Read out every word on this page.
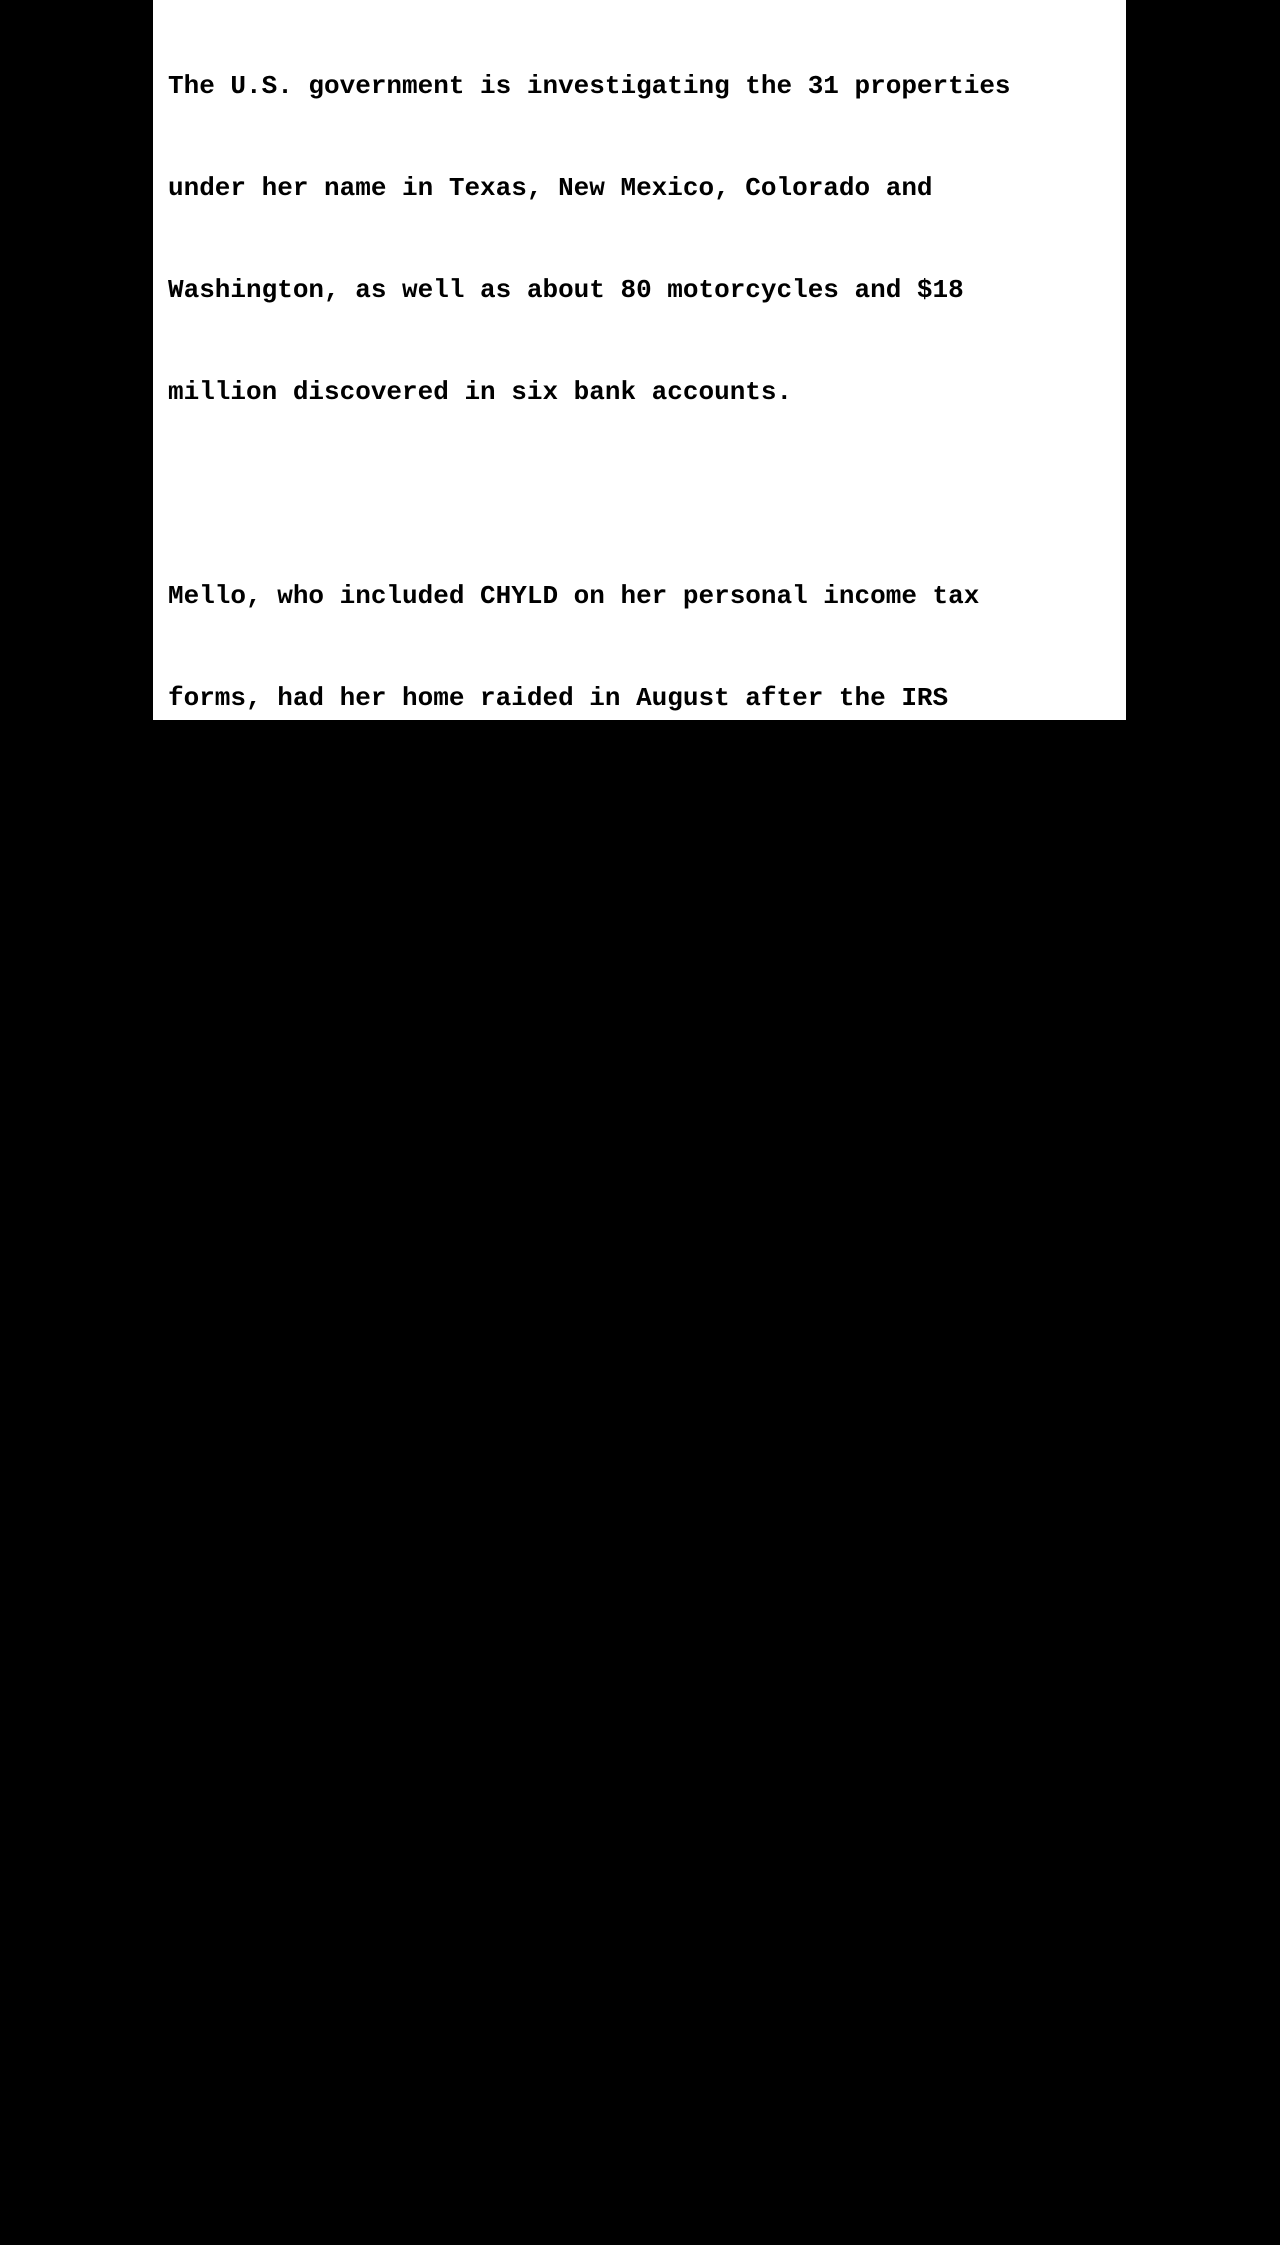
The U.S. government is investigating the 31 properties

under her name in Texas, New Mexico, Colorado and

Washington, as well as about 80 motorcycles and $18

million discovered in six bank accounts.

Mello, who included CHYLD on her personal income tax

forms, had her home raided in August after the IRS

partnered with criminal investigators for the Army.

"Despite the massive amount of money that went to

CHYLD, defendant's supervisors trusted defendant and

did no independent verification that CHYLD actually

provided services consistent with the purpose of the

program, did no review of defendant's relationship to

CHYLD, and took no additional steps to confirm the

funds defendant authorized and requested were lawfully

used consistent with the purpose of the program,"

Assistant U.S. Attorney Justin Simmons wrote in a

court document, according to the San Antonio

Express-News.
